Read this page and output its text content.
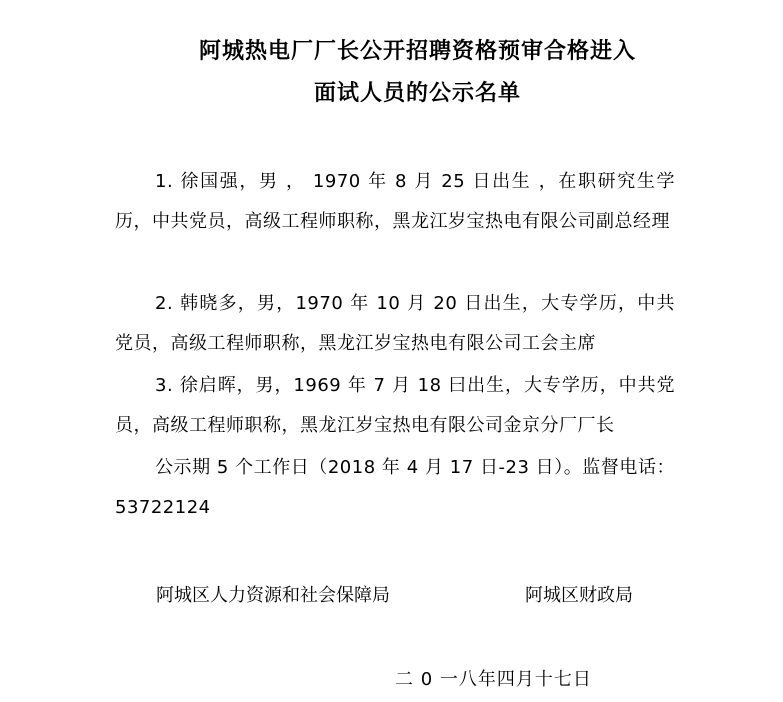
阿城热电厂厂长公开招聘资格预审合格进入
面试人员的公示名单
1. 徐国强，男 ， 1970 年 8 月 25 日出生 ，在职研究生学历，中共党员，高级工程师职称，黑龙江岁宝热电有限公司副总经理
2. 韩晓多，男，1970 年 10 月 20 日出生，大专学历，中共党员，高级工程师职称，黑龙江岁宝热电有限公司工会主席
3. 徐启晖，男，1969 年 7 月 18 曰出生，大专学历，中共党员，高级工程师职称，黑龙江岁宝热电有限公司金京分厂厂长
公示期 5 个工作日（2018 年 4 月 17 日-23 日）。监督电话：53722124
阿城区人力资源和社会保障局	阿城区财政局
二 0 一八年四月十七日
